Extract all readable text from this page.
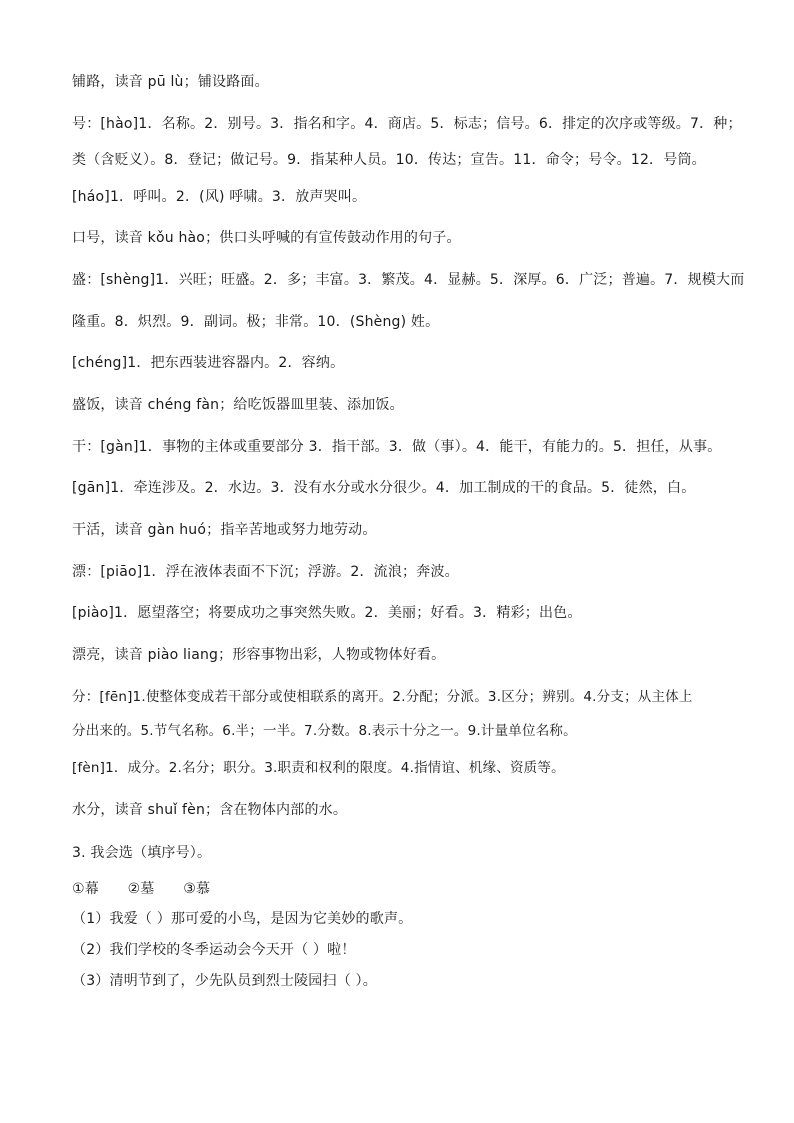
铺路，读音 pū lù；铺设路面。
号：[hào]1．名称。2．别号。3．指名和字。4．商店。5．标志；信号。6．排定的次序或等级。7．种；
类（含贬义）。8．登记；做记号。9．指某种人员。10．传达；宣告。11．命令；号令。12．号筒。
[háo]1．呼叫。2．(风) 呼啸。3．放声哭叫。
口号，读音 kǒu hào；供口头呼喊的有宣传鼓动作用的句子。
盛：[shèng]1．兴旺；旺盛。2．多；丰富。3．繁茂。4．显赫。5．深厚。6．广泛；普遍。7．规模大而
隆重。8．炽烈。9．副词。极；非常。10．(Shèng) 姓。
[chéng]1．把东西装进容器内。2．容纳。
盛饭，读音 chéng fàn；给吃饭器皿里装、添加饭。
干：[gàn]1．事物的主体或重要部分 3．指干部。3．做（事）。4．能干，有能力的。5．担任，从事。
[gān]1．牵连涉及。2．水边。3．没有水分或水分很少。4．加工制成的干的食品。5．徒然，白。
干活，读音 gàn huó；指辛苦地或努力地劳动。
漂：[piāo]1．浮在液体表面不下沉；浮游。2．流浪；奔波。
[piào]1．愿望落空；将要成功之事突然失败。2．美丽；好看。3．精彩；出色。
漂亮，读音 piào liang；形容事物出彩，人物或物体好看。
分：[fēn]1.使整体变成若干部分或使相联系的离开。2.分配；分派。3.区分；辨别。4.分支；从主体上
分出来的。5.节气名称。6.半；一半。7.分数。8.表示十分之一。9.计量单位名称。
[fèn]1．成分。2.名分；职分。3.职责和权利的限度。4.指情谊、机缘、资质等。
水分，读音 shuǐ fèn；含在物体内部的水。
3. 我会选（填序号）。
①幕 ②墓 ③慕
（1）我爱（ ）那可爱的小鸟，是因为它美妙的歌声。
（2）我们学校的冬季运动会今天开（ ）啦！
（3）清明节到了，少先队员到烈士陵园扫（ ）。
